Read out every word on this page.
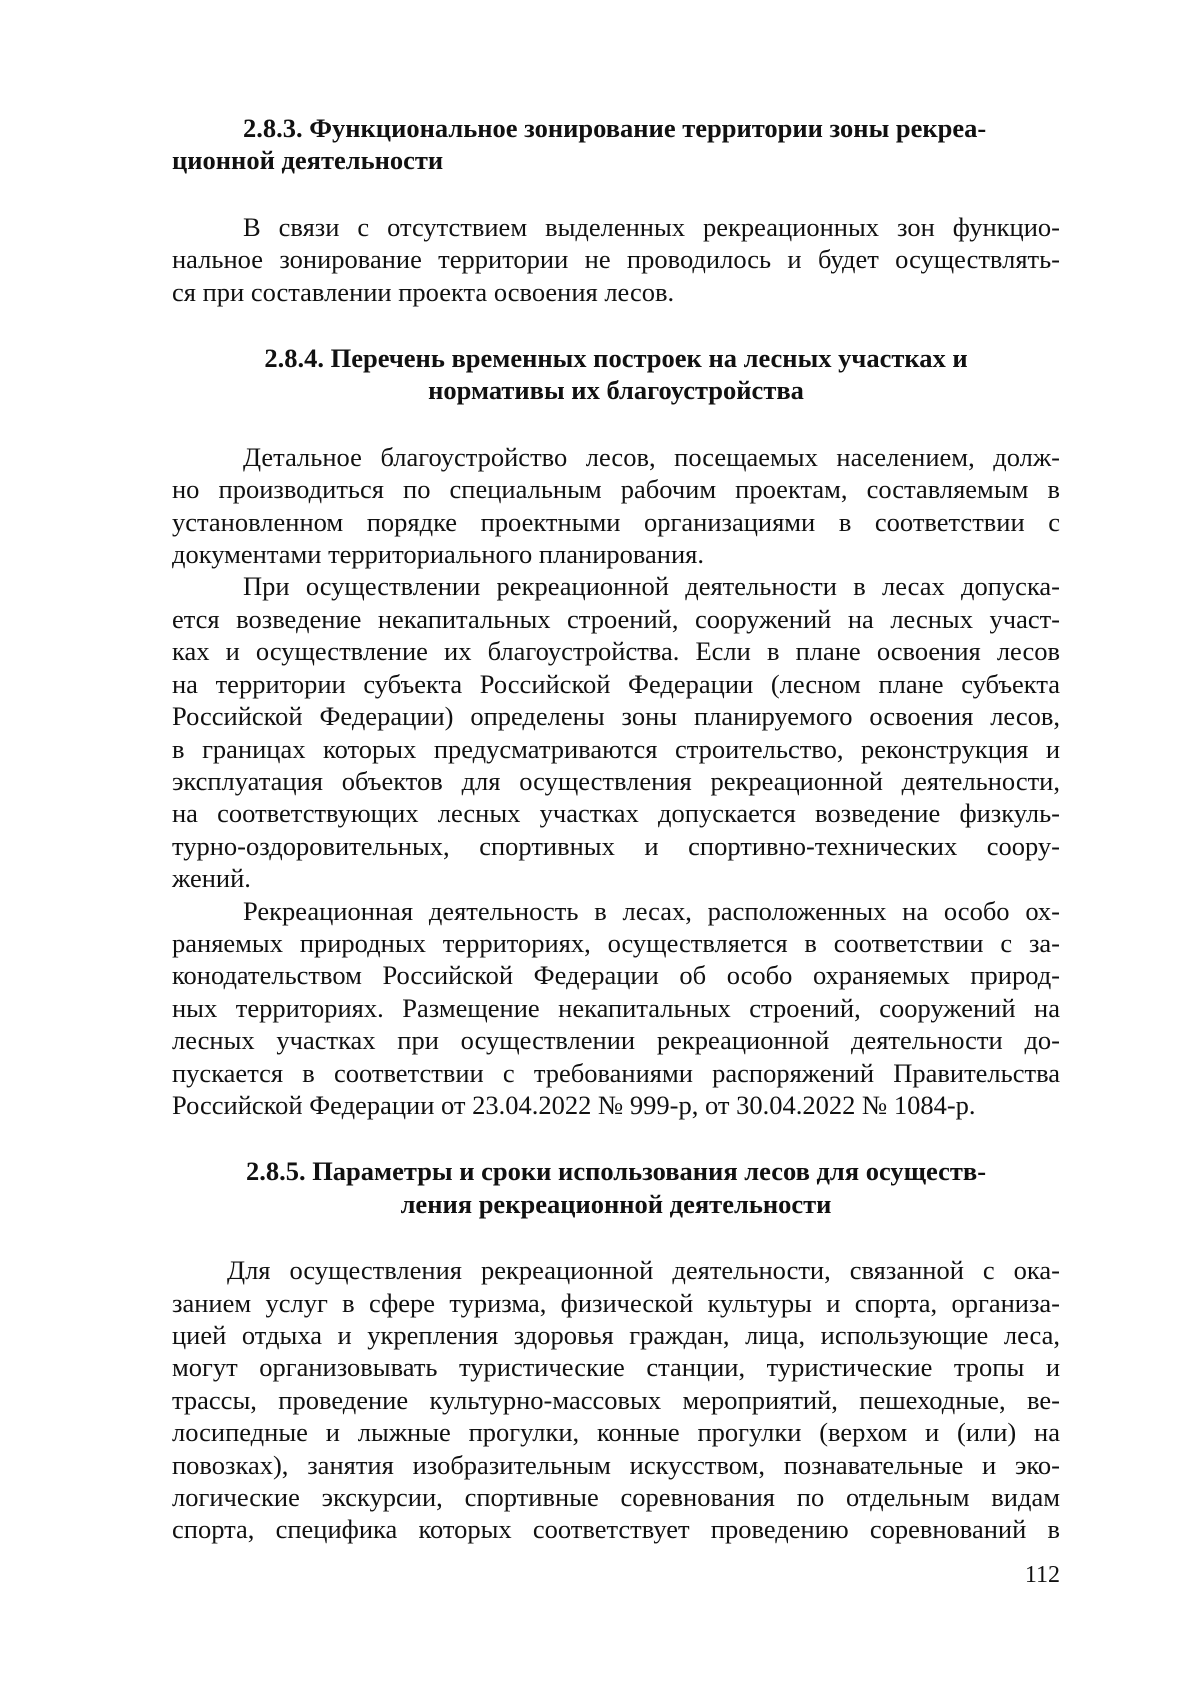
2.8.3. Функциональное зонирование территории зоны рекреа-
ционной деятельности
В связи с отсутствием выделенных рекреационных зон функцио-
нальное зонирование территории не проводилось и будет осуществлять-
ся при составлении проекта освоения лесов.
2.8.4. Перечень временных построек на лесных участках и
нормативы их благоустройства
Детальное благоустройство лесов, посещаемых населением, долж-
но производиться по специальным рабочим проектам, составляемым в
установленном порядке проектными организациями в соответствии с
документами территориального планирования.
При осуществлении рекреационной деятельности в лесах допуска-
ется возведение некапитальных строений, сооружений на лесных участ-
ках и осуществление их благоустройства. Если в плане освоения лесов
на территории субъекта Российской Федерации (лесном плане субъекта
Российской Федерации) определены зоны планируемого освоения лесов,
в границах которых предусматриваются строительство, реконструкция и
эксплуатация объектов для осуществления рекреационной деятельности,
на соответствующих лесных участках допускается возведение физкуль-
турно-оздоровительных, спортивных и спортивно-технических соору-
жений.
Рекреационная деятельность в лесах, расположенных на особо ох-
раняемых природных территориях, осуществляется в соответствии с за-
конодательством Российской Федерации об особо охраняемых природ-
ных территориях. Размещение некапитальных строений, сооружений на
лесных участках при осуществлении рекреационной деятельности до-
пускается в соответствии с требованиями распоряжений Правительства
Российской Федерации от 23.04.2022 № 999-р, от 30.04.2022 № 1084-р.
2.8.5. Параметры и сроки использования лесов для осуществ-
ления рекреационной деятельности
Для осуществления рекреационной деятельности, связанной с ока-
занием услуг в сфере туризма, физической культуры и спорта, организа-
цией отдыха и укрепления здоровья граждан, лица, использующие леса,
могут организовывать туристические станции, туристические тропы и
трассы, проведение культурно-массовых мероприятий, пешеходные, ве-
лосипедные и лыжные прогулки, конные прогулки (верхом и (или) на
повозках), занятия изобразительным искусством, познавательные и эко-
логические экскурсии, спортивные соревнования по отдельным видам
спорта, специфика которых соответствует проведению соревнований в
112
